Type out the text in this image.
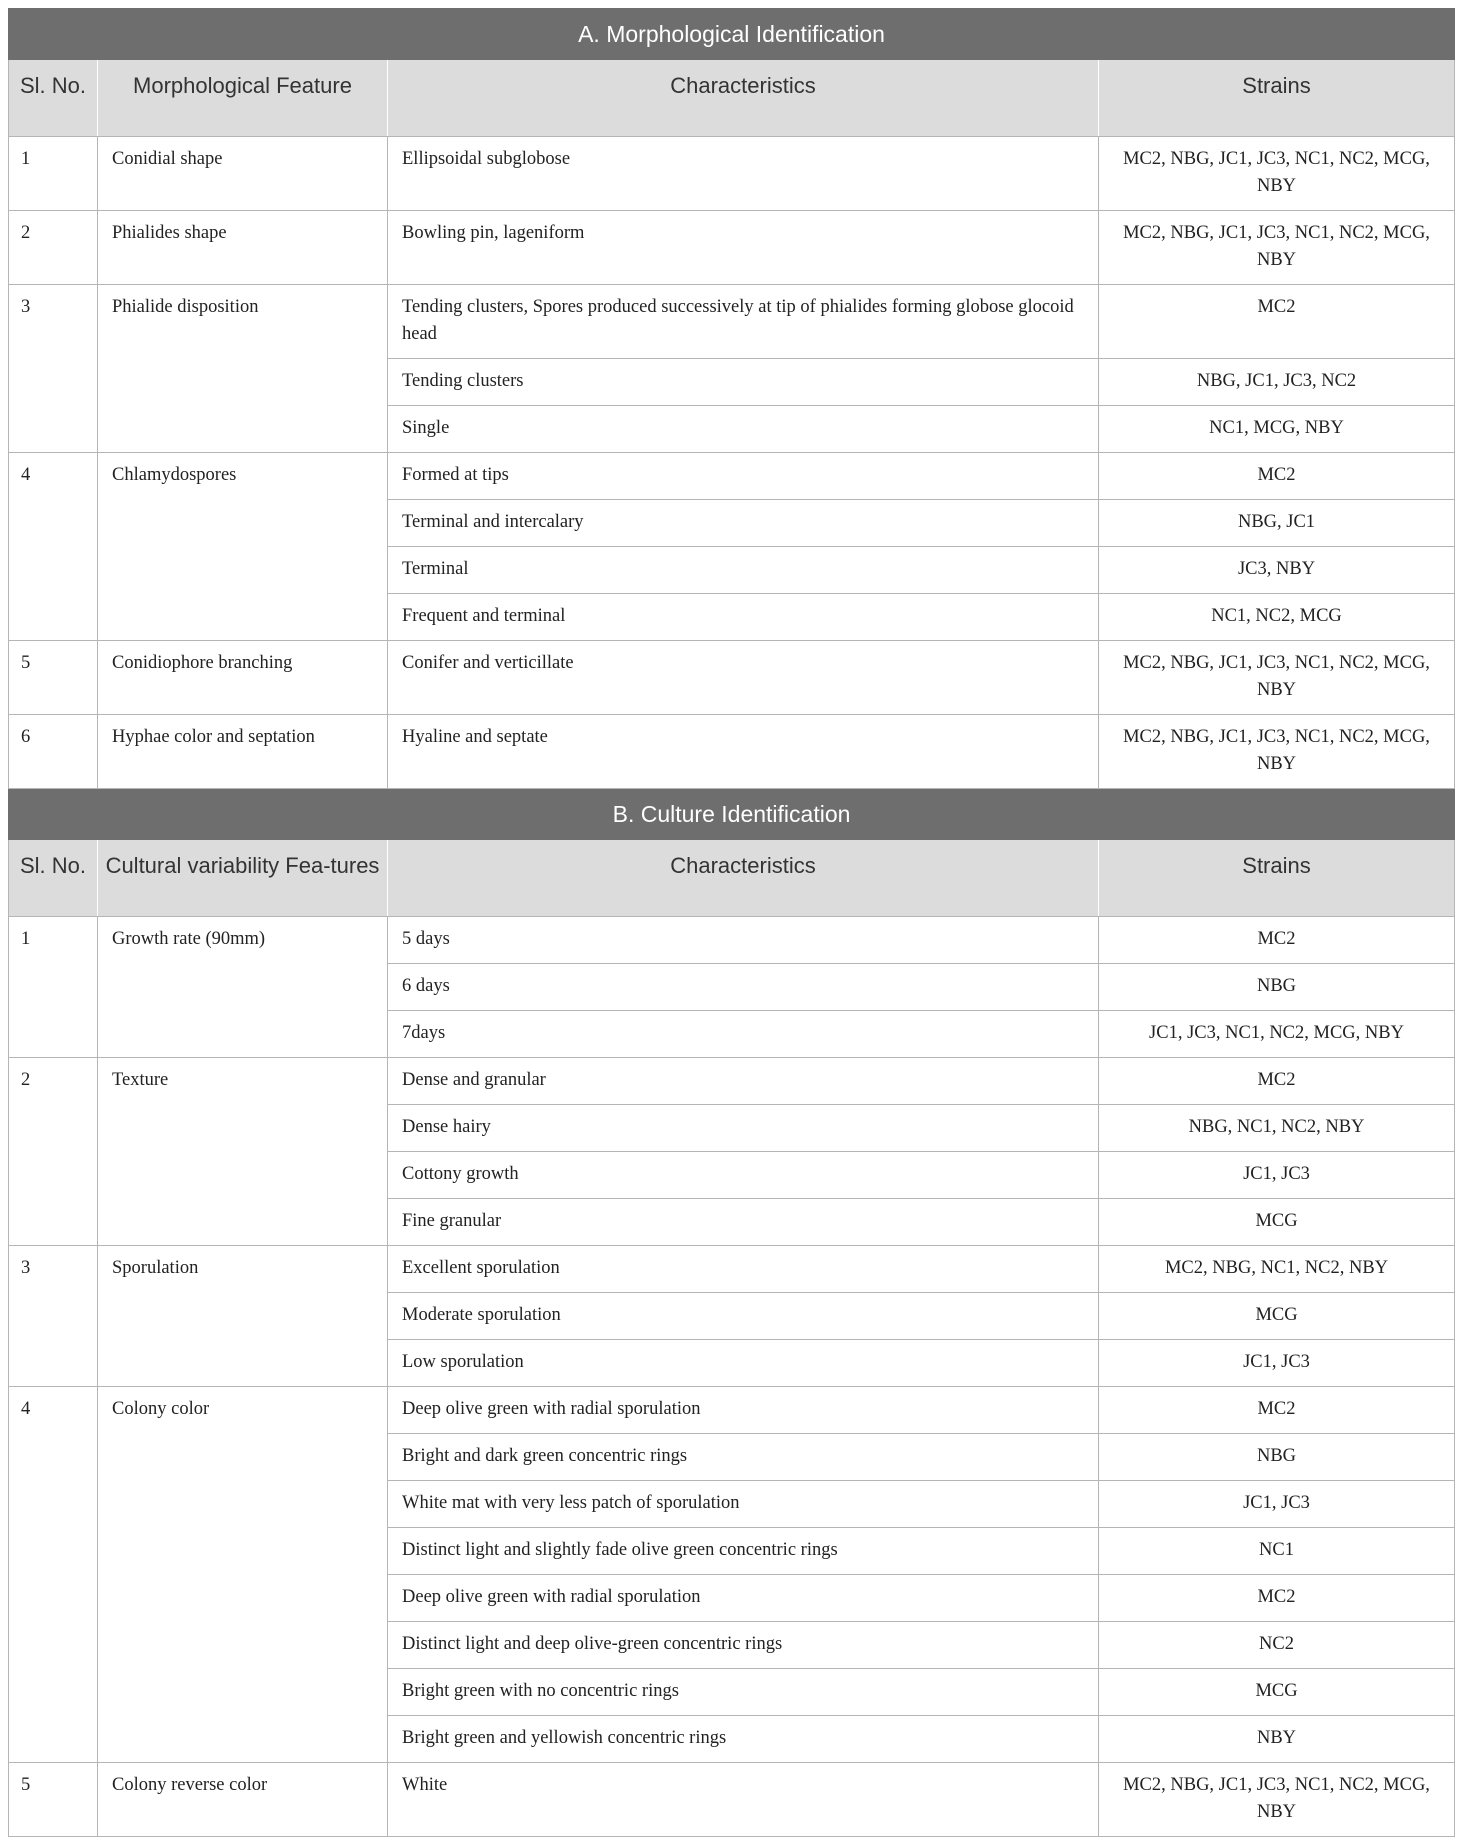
A. Morphological Identification			
Sl. No.	Morphological Feature	Characteristics	Strains
1	Conidial shape	Ellipsoidal subglobose	MC2, NBG, JC1, JC3, NC1, NC2, MCG, NBY
2	Phialides shape	Bowling pin, lageniform	MC2, NBG, JC1, JC3, NC1, NC2, MCG, NBY
3	Phialide disposition	Tending clusters, Spores produced successively at tip of phialides forming globose glocoid head	MC2
		Tending clusters	NBG, JC1, JC3, NC2
		Single	NC1, MCG, NBY
4	Chlamydospores	Formed at tips	MC2
		Terminal and intercalary	NBG, JC1
		Terminal	JC3, NBY
		Frequent and terminal	NC1, NC2, MCG
5	Conidiophore branching	Conifer and verticillate	MC2, NBG, JC1, JC3, NC1, NC2, MCG, NBY
6	Hyphae color and septation	Hyaline and septate	MC2, NBG, JC1, JC3, NC1, NC2, MCG, NBY
B. Culture Identification			
Sl. No.	Cultural variability Fea-tures	Characteristics	Strains
1	Growth rate (90mm)	5 days	MC2
		6 days	NBG
		7days	JC1, JC3, NC1, NC2, MCG, NBY
2	Texture	Dense and granular	MC2
		Dense hairy	NBG, NC1, NC2, NBY
		Cottony growth	JC1, JC3
		Fine granular	MCG
3	Sporulation	Excellent sporulation	MC2, NBG, NC1, NC2, NBY
		Moderate sporulation	MCG
		Low sporulation	JC1, JC3
4	Colony color	Deep olive green with radial sporulation	MC2
		Bright and dark green concentric rings	NBG
		White mat with very less patch of sporulation	JC1, JC3
		Distinct light and slightly fade olive green concentric rings	NC1
		Deep olive green with radial sporulation	MC2
		Distinct light and deep olive-green concentric rings	NC2
		Bright green with no concentric rings	MCG
		Bright green and yellowish concentric rings	NBY
5	Colony reverse color	White	MC2, NBG, JC1, JC3, NC1, NC2, MCG, NBY
